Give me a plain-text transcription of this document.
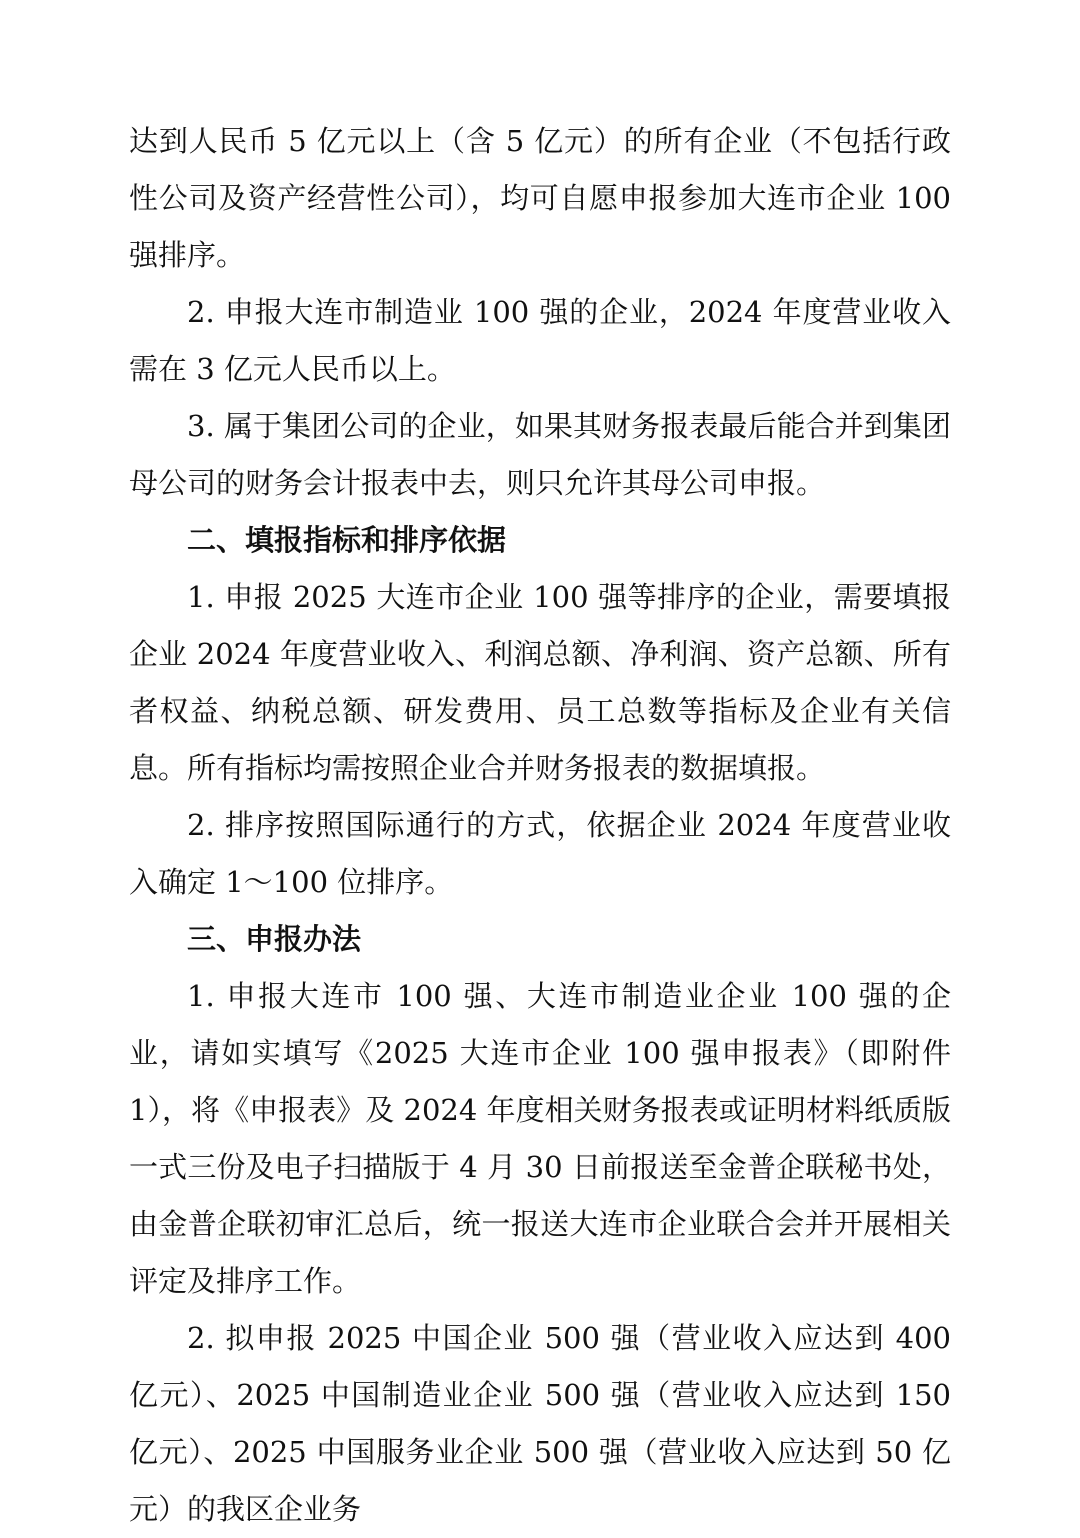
达到人民币 5 亿元以上（含 5 亿元）的所有企业（不包括行政性公司及资产经营性公司），均可自愿申报参加大连市企业 100 强排序。

2. 申报大连市制造业 100 强的企业，2024 年度营业收入需在 3 亿元人民币以上。

3. 属于集团公司的企业，如果其财务报表最后能合并到集团母公司的财务会计报表中去，则只允许其母公司申报。

二、填报指标和排序依据

1. 申报 2025 大连市企业 100 强等排序的企业，需要填报企业 2024 年度营业收入、利润总额、净利润、资产总额、所有者权益、纳税总额、研发费用、员工总数等指标及企业有关信息。所有指标均需按照企业合并财务报表的数据填报。

2. 排序按照国际通行的方式，依据企业 2024 年度营业收入确定 1～100 位排序。

三、申报办法

1. 申报大连市 100 强、大连市制造业企业 100 强的企业，请如实填写《2025 大连市企业 100 强申报表》（即附件 1），将《申报表》及 2024 年度相关财务报表或证明材料纸质版一式三份及电子扫描版于 4 月 30 日前报送至金普企联秘书处，由金普企联初审汇总后，统一报送大连市企业联合会并开展相关评定及排序工作。

2. 拟申报 2025 中国企业 500 强（营业收入应达到 400 亿元）、2025 中国制造业企业 500 强（营业收入应达到 150 亿元）、2025 中国服务业企业 500 强（营业收入应达到 50 亿元）的我区企业务
